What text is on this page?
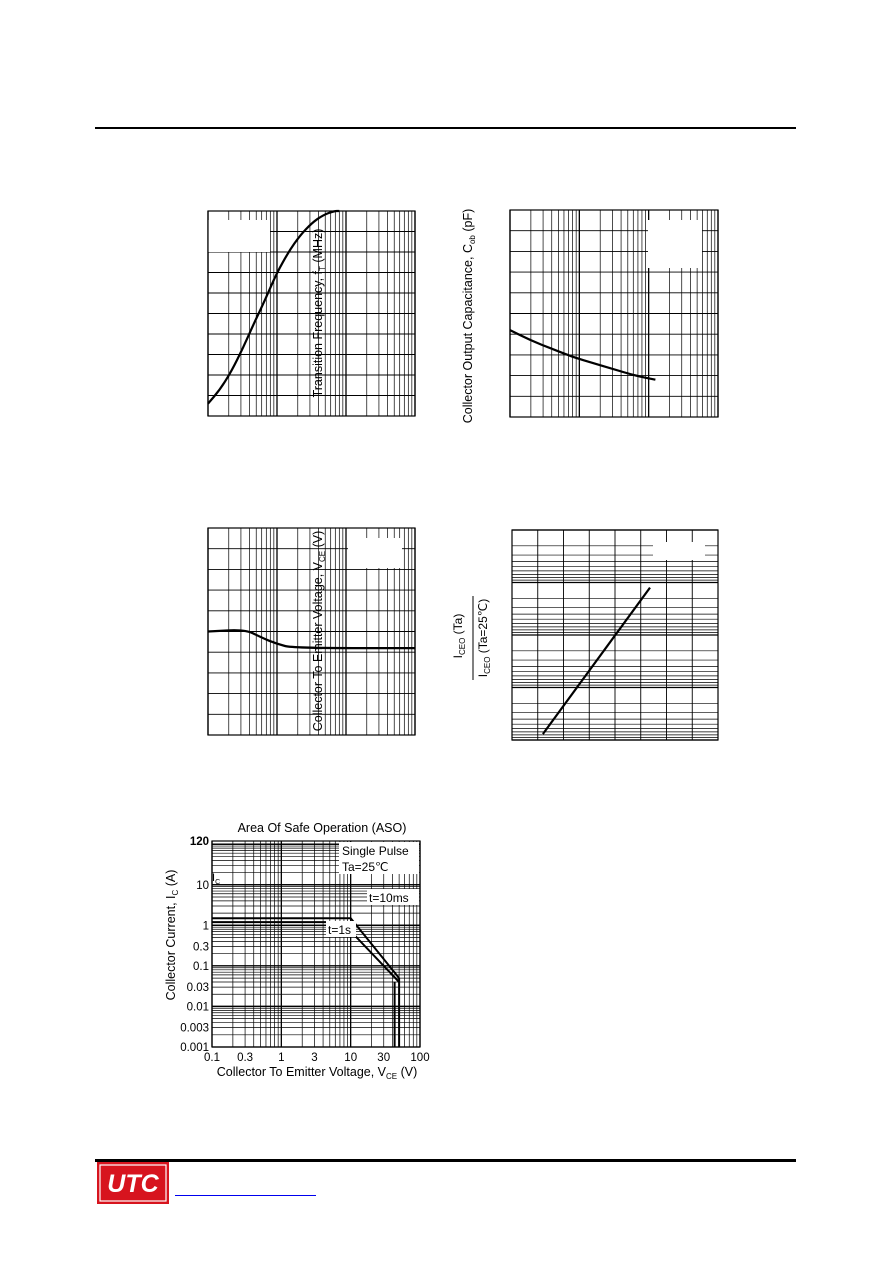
Transition Frequency, $f_T$ (MHz)	Collector Output Capacitance, $C_{ob}$ (pF)
Collector To Emitter Voltage, $V_{CE}$ (V)
$I_{CEO}$ (Ta)
$I_{CEO}$ (Ta=25℃)
Area Of Safe Operation (ASO)
Single Pulse
Ta=25℃
$I_C$
t=10ms
t=1s
120
10
1
0.3
0.1
0.03
0.01
0.003
0.001
0.1 0.3 1 3 10 30 100
Collector Current, $I_C$ (A)
Collector To Emitter Voltage, $V_{CE}$ (V)
UTC
